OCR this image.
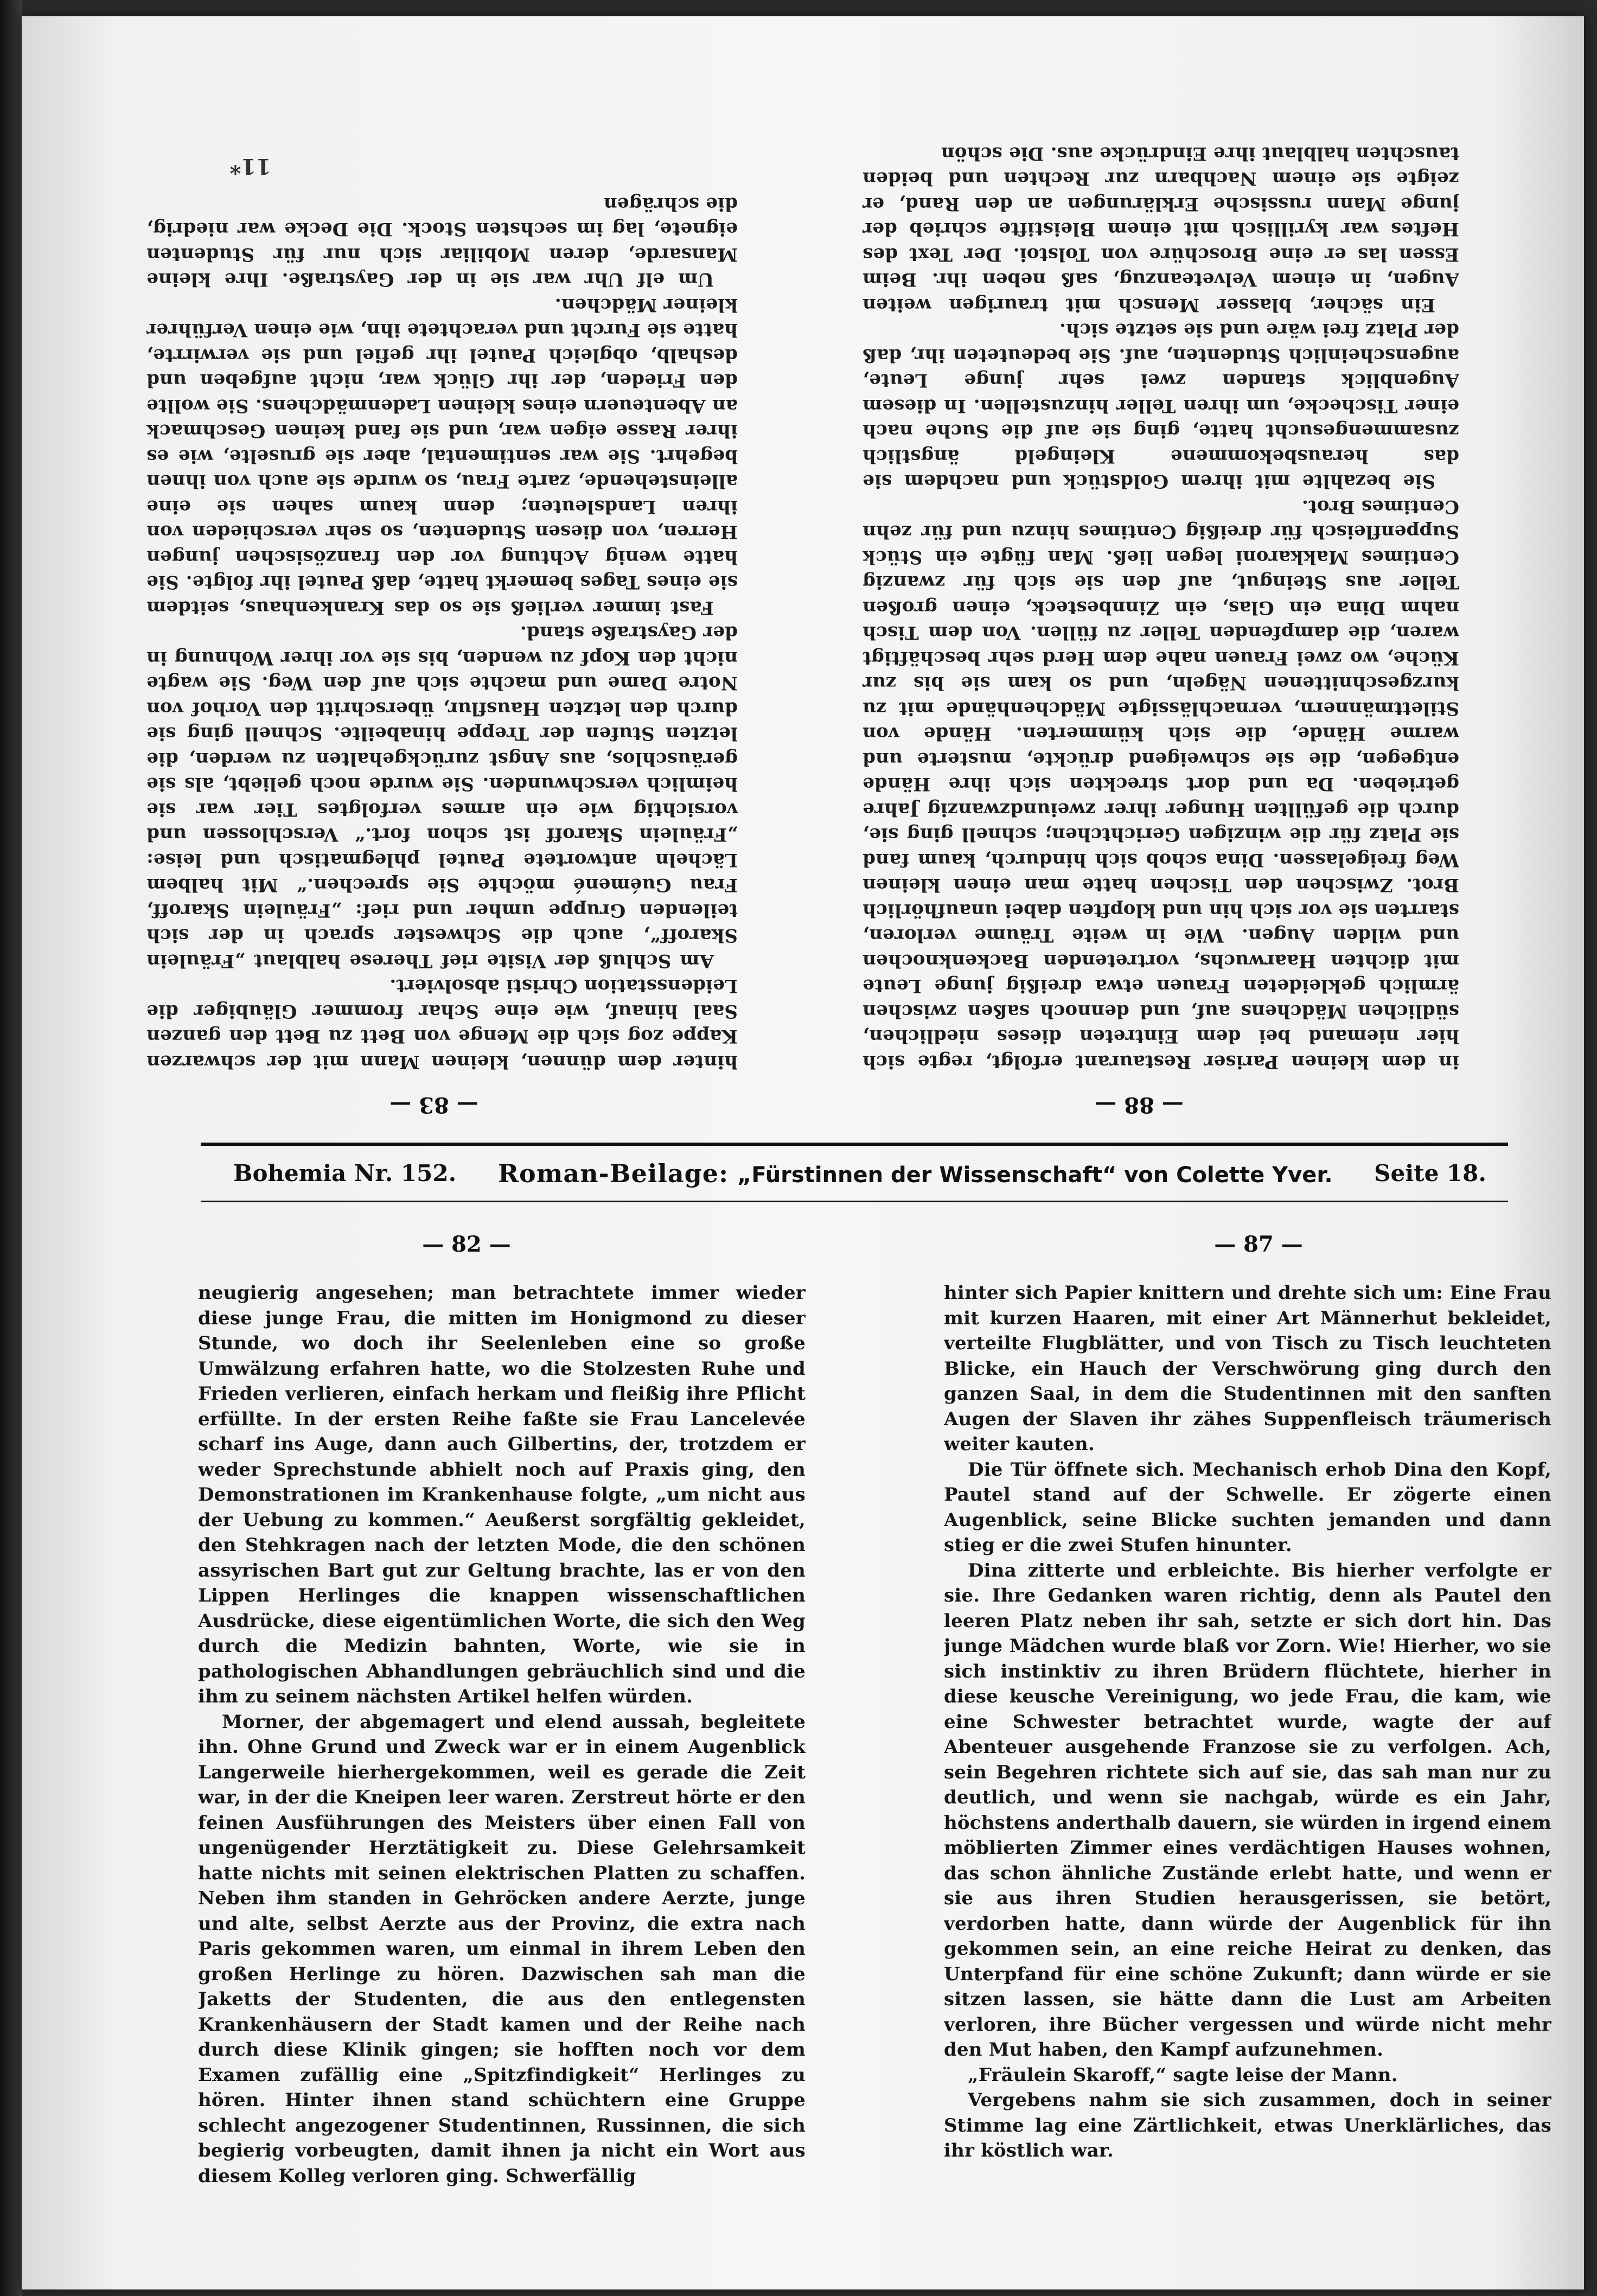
11*
— 88 —
— 83 —

hinter dem dünnen, kleinen Mann mit der schwarzen Kappe zog sich die Menge von Bett zu Bett den ganzen Saal hinauf, wie eine Schar frommer Gläubiger die Leidensstation Christi absolviert.

Am Schluß der Visite rief Therese halblaut „Fräulein Skaroff“, auch die Schwester sprach in der sich teilenden Gruppe umher und rief: „Fräulein Skaroff, Frau Guémené möchte Sie sprechen.“ Mit halbem Lächeln antwortete Pautel phlegmatisch und leise: „Fräulein Skaroff ist schon fort.“ Verschlossen und vorsichtig wie ein armes verfolgtes Tier war sie heimlich verschwunden. Sie wurde noch geliebt, als sie geräuschlos, aus Angst zurückgehalten zu werden, die letzten Stufen der Treppe hinabeilte. Schnell ging sie durch den letzten Hausflur, überschritt den Vorhof von Notre Dame und machte sich auf den Weg. Sie wagte nicht den Kopf zu wenden, bis sie vor ihrer Wohnung in der Gaystraße stand.

Fast immer verließ sie so das Krankenhaus, seitdem sie eines Tages bemerkt hatte, daß Pautel ihr folgte. Sie hatte wenig Achtung vor den französischen jungen Herren, von diesen Studenten, so sehr verschieden von ihren Landsleuten; denn kaum sahen sie eine alleinstehende, zarte Frau, so wurde sie auch von ihnen begehrt. Sie war sentimental, aber sie gruselte, wie es ihrer Rasse eigen war, und sie fand keinen Geschmack an Abenteuern eines kleinen Ladenmädchens. Sie wollte den Frieden, der ihr Glück war, nicht aufgeben und deshalb, obgleich Pautel ihr gefiel und sie verwirrte, hatte sie Furcht und verachtete ihn, wie einen Verführer kleiner Mädchen.

Um elf Uhr war sie in der Gaystraße. Ihre kleine Mansarde, deren Mobiliar sich nur für Studenten eignete, lag im sechsten Stock. Die Decke war niedrig, die schrägen

in dem kleinen Pariser Restaurant erfolgt, regte sich hier niemand bei dem Eintreten dieses niedlichen, südlichen Mädchens auf, und dennoch saßen zwischen ärmlich gekleideten Frauen etwa dreißig junge Leute mit dichten Haarwuchs, vortretenden Backenknochen und wilden Augen. Wie in weite Träume verloren, starrten sie vor sich hin und klopften dabei unaufhörlich Brot. Zwischen den Tischen hatte man einen kleinen Weg freigelassen. Dina schob sich hindurch, kaum fand sie Platz für die winzigen Gerichtchen; schnell ging sie, durch die gefüllten Hunger ihrer zweiundzwanzig Jahre getrieben. Da und dort streckten sich ihre Hände entgegen, die sie schweigend drückte, musterte und warme Hände, die sich kümmerten. Hände von Stilettmännern, vernachlässigte Mädchenhände mit zu kurzgeschnittenen Nägeln, und so kam sie bis zur Küche, wo zwei Frauen nahe dem Herd sehr beschäftigt waren, die dampfenden Teller zu füllen. Von dem Tisch nahm Dina ein Glas, ein Zinnbesteck, einen großen Teller aus Steingut, auf den sie sich für zwanzig Centimes Makkaroni legen ließ. Man fügte ein Stück Suppenfleisch für dreißig Centimes hinzu und für zehn Centimes Brot.

Sie bezahlte mit ihrem Goldstück und nachdem sie das herausbekommene Kleingeld ängstlich zusammengesucht hatte, ging sie auf die Suche nach einer Tischecke, um ihren Teller hinzustellen. In diesem Augenblick standen zwei sehr junge Leute, augenscheinlich Studenten, auf. Sie bedeuteten ihr, daß der Platz frei wäre und sie setzte sich.

Ein sächer, blasser Mensch mit traurigen weiten Augen, in einem Velveteanzug, saß neben ihr. Beim Essen las er eine Broschüre von Tolstoi. Der Text des Heftes war kyrillisch mit einem Bleistifte schrieb der junge Mann russische Erklärungen an den Rand, er zeigte sie einem Nachbarn zur Rechten und beiden tauschten halblaut ihre Eindrücke aus. Die schön

Bohemia Nr. 152. Roman-Beilage: „Fürstinnen der Wissenschaft“ von Colette Yver. Seite 18.
— 82 —	— 87 —

neugierig angesehen; man betrachtete immer wieder diese junge Frau, die mitten im Honigmond zu dieser Stunde, wo doch ihr Seelenleben eine so große Umwälzung erfahren hatte, wo die Stolzesten Ruhe und Frieden verlieren, einfach herkam und fleißig ihre Pflicht erfüllte. In der ersten Reihe faßte sie Frau Lancelevée scharf ins Auge, dann auch Gilbertins, der, trotzdem er weder Sprechstunde abhielt noch auf Praxis ging, den Demonstrationen im Krankenhause folgte, „um nicht aus der Uebung zu kommen.“ Aeußerst sorgfältig gekleidet, den Stehkragen nach der letzten Mode, die den schönen assyrischen Bart gut zur Geltung brachte, las er von den Lippen Herlinges die knappen wissenschaftlichen Ausdrücke, diese eigentümlichen Worte, die sich den Weg durch die Medizin bahnten, Worte, wie sie in pathologischen Abhandlungen gebräuchlich sind und die ihm zu seinem nächsten Artikel helfen würden.

Morner, der abgemagert und elend aussah, begleitete ihn. Ohne Grund und Zweck war er in einem Augenblick Langerweile hierhergekommen, weil es gerade die Zeit war, in der die Kneipen leer waren. Zerstreut hörte er den feinen Ausführungen des Meisters über einen Fall von ungenügender Herztätigkeit zu. Diese Gelehrsamkeit hatte nichts mit seinen elektrischen Platten zu schaffen. Neben ihm standen in Gehröcken andere Aerzte, junge und alte, selbst Aerzte aus der Provinz, die extra nach Paris gekommen waren, um einmal in ihrem Leben den großen Herlinge zu hören. Dazwischen sah man die Jaketts der Studenten, die aus den entlegensten Krankenhäusern der Stadt kamen und der Reihe nach durch diese Klinik gingen; sie hofften noch vor dem Examen zufällig eine „Spitzfindigkeit“ Herlinges zu hören. Hinter ihnen stand schüchtern eine Gruppe schlecht angezogener Studentinnen, Russinnen, die sich begierig vorbeugten, damit ihnen ja nicht ein Wort aus diesem Kolleg verloren ging. Schwerfällig

hinter sich Papier knittern und drehte sich um: Eine Frau mit kurzen Haaren, mit einer Art Männerhut bekleidet, verteilte Flugblätter, und von Tisch zu Tisch leuchteten Blicke, ein Hauch der Verschwörung ging durch den ganzen Saal, in dem die Studentinnen mit den sanften Augen der Slaven ihr zähes Suppenfleisch träumerisch weiter kauten.

Die Tür öffnete sich. Mechanisch erhob Dina den Kopf, Pautel stand auf der Schwelle. Er zögerte einen Augenblick, seine Blicke suchten jemanden und dann stieg er die zwei Stufen hinunter.

Dina zitterte und erbleichte. Bis hierher verfolgte er sie. Ihre Gedanken waren richtig, denn als Pautel den leeren Platz neben ihr sah, setzte er sich dort hin. Das junge Mädchen wurde blaß vor Zorn. Wie! Hierher, wo sie sich instinktiv zu ihren Brüdern flüchtete, hierher in diese keusche Vereinigung, wo jede Frau, die kam, wie eine Schwester betrachtet wurde, wagte der auf Abenteuer ausgehende Franzose sie zu verfolgen. Ach, sein Begehren richtete sich auf sie, das sah man nur zu deutlich, und wenn sie nachgab, würde es ein Jahr, höchstens anderthalb dauern, sie würden in irgend einem möblierten Zimmer eines verdächtigen Hauses wohnen, das schon ähnliche Zustände erlebt hatte, und wenn er sie aus ihren Studien herausgerissen, sie betört, verdorben hatte, dann würde der Augenblick für ihn gekommen sein, an eine reiche Heirat zu denken, das Unterpfand für eine schöne Zukunft; dann würde er sie sitzen lassen, sie hätte dann die Lust am Arbeiten verloren, ihre Bücher vergessen und würde nicht mehr den Mut haben, den Kampf aufzunehmen.

„Fräulein Skaroff,“ sagte leise der Mann.

Vergebens nahm sie sich zusammen, doch in seiner Stimme lag eine Zärtlichkeit, etwas Unerklärliches, das ihr köstlich war.
